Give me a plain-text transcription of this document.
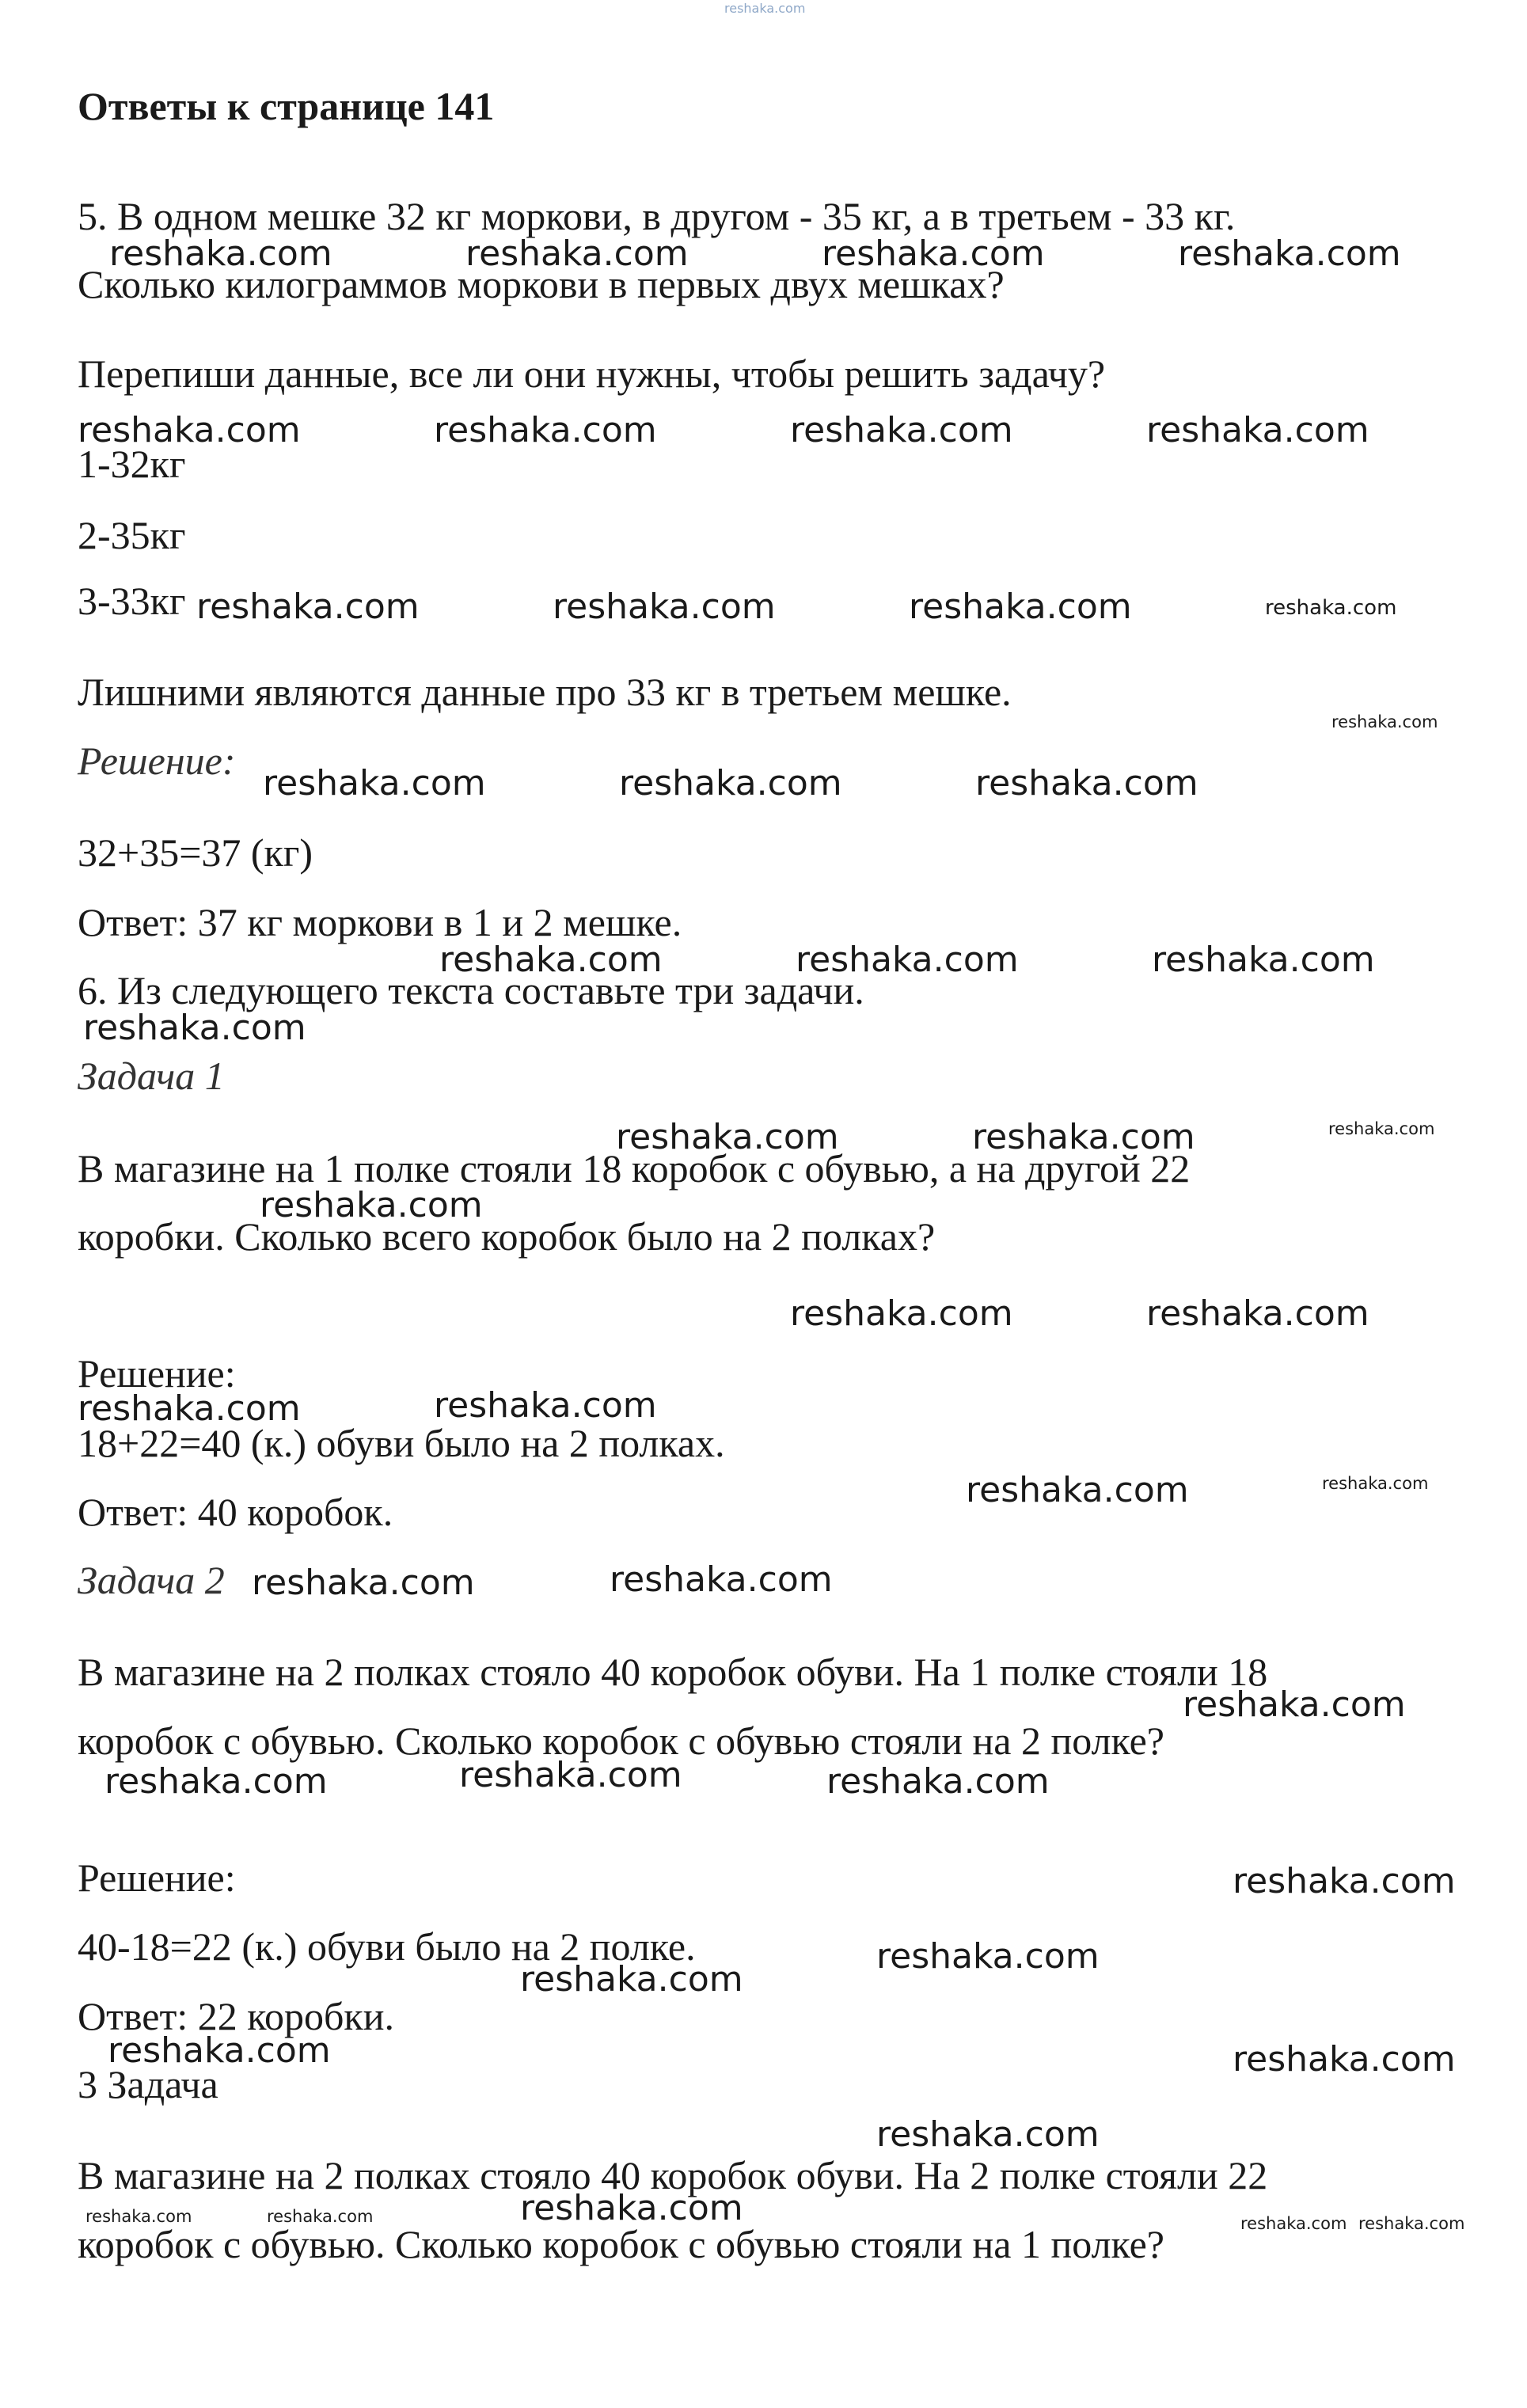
Ответы к странице 141
5. В одном мешке 32 кг моркови, в другом - 35 кг, а в третьем - 33 кг.
Сколько килограммов моркови в первых двух мешках?
Перепиши данные, все ли они нужны, чтобы решить задачу?
1-32кг
2-35кг
3-33кг
Лишними являются данные про 33 кг в третьем мешке.
Решение:
32+35=37 (кг)
Ответ: 37 кг моркови в 1 и 2 мешке.
6. Из следующего текста составьте три задачи.
Задача 1
В магазине на 1 полке стояли 18 коробок с обувью, а на другой 22
коробки. Сколько всего коробок было на 2 полках?
Решение:
18+22=40 (к.) обуви было на 2 полках.
Ответ: 40 коробок.
Задача 2
В магазине на 2 полках стояло 40 коробок обуви. На 1 полке стояли 18
коробок с обувью. Сколько коробок с обувью стояли на 2 полке?
Решение:
40-18=22 (к.) обуви было на 2 полке.
Ответ: 22 коробки.
3 Задача
В магазине на 2 полках стояло 40 коробок обуви. На 2 полке стояли 22
коробок с обувью. Сколько коробок с обувью стояли на 1 полке?
reshaka.com
reshaka.com	reshaka.com	reshaka.com	reshaka.com
reshaka.com	reshaka.com	reshaka.com	reshaka.com
reshaka.com	reshaka.com	reshaka.com	reshaka.com
reshaka.com
reshaka.com	reshaka.com	reshaka.com
reshaka.com	reshaka.com	reshaka.com
reshaka.com
reshaka.com	reshaka.com	reshaka.com
reshaka.com
reshaka.com	reshaka.com
reshaka.com	reshaka.com
reshaka.com	reshaka.com
reshaka.com	reshaka.com
reshaka.com
reshaka.com	reshaka.com	reshaka.com
reshaka.com
reshaka.com
reshaka.com
reshaka.com	reshaka.com
reshaka.com
reshaka.com	reshaka.com	reshaka.com	reshaka.com reshaka.com
